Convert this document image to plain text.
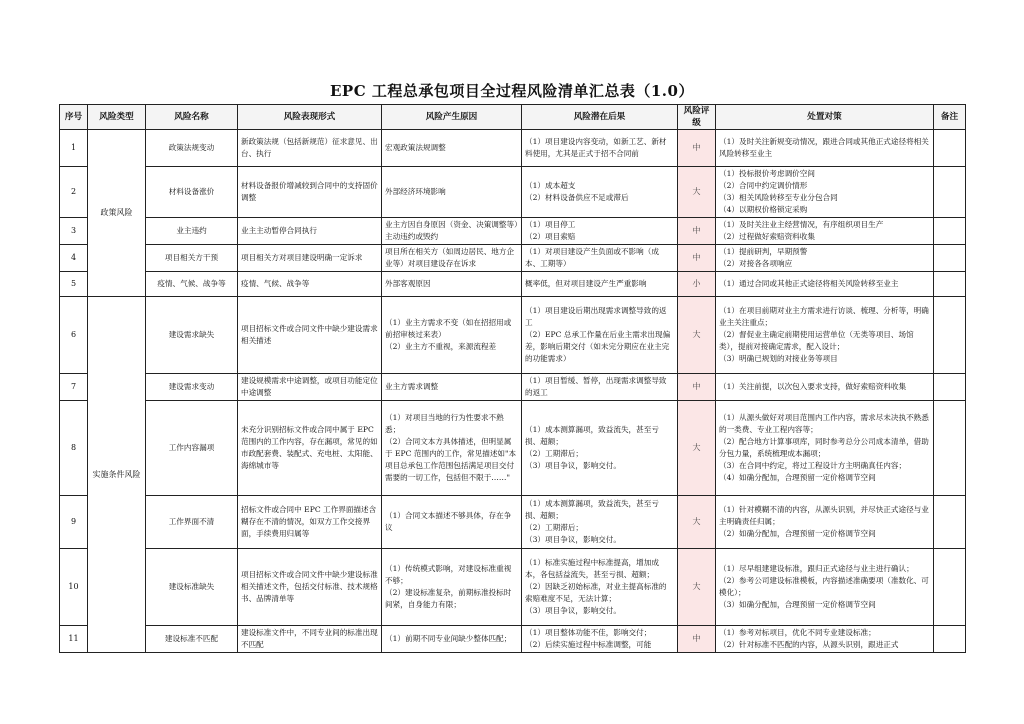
EPC 工程总承包项目全过程风险清单汇总表（1.0）
序号	风险类型	风险名称	风险表现形式	风险产生原因	风险潜在后果	风险评级	处置对策	备注
1	政策风险	政策法规变动	新政策法规（包括新规范）征求意见、出台、执行	宏观政策法规调整	（1）项目建设内容变动，如新工艺、新材料使用，尤其是正式于招不合同前	中	（1）及时关注新规变动情况，跟进合同或其他正式途径将相关风险转移至业主	

2		材料设备涨价	材料设备报价增减较到合同中的支持固价调整	外部经济环境影响	（1）成本超支
（2）材料设备供应不足或滞后	大	（1）投标报价考虑调价空间
（2）合同中约定调价情形
（3）相关风险转移至专业分包合同
（4）以期权价格锁定采购	

3		业主违约	业主主动暂停合同执行	业主方因自身原因（资金、决策调整等）主动违约或毁约	（1）项目停工
（2）项目索赔	中	（1）及时关注业主经营情况，有序组织项目生产
（2）过程做好索赔资料收集	

4		项目相关方干预	项目相关方对项目建设明确一定诉求	项目所在相关方（如周边居民、地方企业等）对项目建设存在诉求	（1）对项目建设产生负面或不影响（成本、工期等）	中	（1）提前研判，早期预警
（2）对接各各项响应	

5		疫情、气候、战争等	疫情、气候、战争等	外部客观原因	概率低，但对项目建设产生严重影响	小	（1）通过合同或其他正式途径将相关风险转移至业主	

6	实施条件风险	建设需求缺失	项目招标文件或合同文件中缺少建设需求相关描述	（1）业主方需求不变（如在招招用或前招审核过来表）
（2）业主方不重视，来源流程差	（1）项目建设后期出现需求调整导致的返工
（2）EPC 总承工作量在后业主需求出现偏差，影响后期交付（如未完分期应在业主完的功能需求）	大	（1）在项目前期对业主方需求进行访谈、梳理、分析等，明确业主关注重点；
（2）督促业主确定前期使用运营单位（无类等项目、场馆类），提前对接确定需求，配入设计；
（3）明确已规划的对接业务等项目	

7		建设需求变动	建设规模需求中途调整，或项目功能定位中途调整	业主方需求调整	（1）项目暂缓、暂停，出现需求调整导致的返工	中	（1）关注前提，以次包入要求支持，做好索赔资料收集	

8		工作内容漏项	未充分识别招标文件或合同中属于 EPC 范围内的工作内容，存在漏项，常见的如市政配套费、装配式、充电桩、太阳能、海绵城市等	（1）对项目当地的行为性要求不熟悉；
（2）合同文本方具体描述，但明显属于 EPC 范围内的工作，常见描述如"本项目总承包工作范围包括满足项目交付需要的一切工作，包括但不限于……"	（1）成本测算漏项，致益流失，甚至亏损、超额；
（2）工期滞后；
（3）项目争议，影响交付。	大	（1）从源头做好对项目范围内工作内容，需求尽未决执不熟悉的一类费、专业工程内容等；
（2）配合地方计算事项库，同时参考总分公司成本清单，借助分包力量，系统梳理成本漏项；
（3）在合同中约定，将过工程设计方主明确真任内容；
（4）如确分配加，合理预留一定价格调节空间	

9		工作界面不清	招标文件或合同中 EPC 工作界面描述含糊存在不清的情况，如双方工作交接界面，手续费用归属等	（1）合同文本描述不够具体，存在争议	（1）成本测算漏项，致益流失，甚至亏损、超额；
（2）工期滞后；
（3）项目争议，影响交付。	大	（1）针对模糊不清的内容，从源头识别，并尽快正式途径与业主明确责任归属；
（2）如确分配加，合理预留一定价格调节空间	

10		建设标准缺失	项目招标文件或合同文件中缺少建设标准相关描述文件，包括交付标准、技术规格书、品牌清单等	（1）传统模式影响，对建设标准重视不够；
（2）建设标准复杂，前期标准投标时间紧，自身能力有限；	（1）标准实施过程中标准提高，增加成本，各包括益流失，甚至亏损、超额；
（2）因缺乏初始标准，对业主提高标准的索赔难度不足，无法计算；
（3）项目争议，影响交付。	大	（1）尽早组建建设标准，跟归正式途径与业主进行确认；
（2）参考公司建设标准模板，内容描述准确要项（准数化、可模化）；
（3）如确分配加，合理预留一定价格调节空间	

11		建设标准不匹配	建设标准文件中，不同专业间的标准出现不匹配	（1）前期不同专业间缺少整体匹配；	（1）项目整体功能不佳，影响交付；
（2）后续实施过程中标准调整，可能	中	（1）参考对标项目，优化不同专业建设标准；
（2）针对标准不匹配的内容，从源头识别，跟进正式	
